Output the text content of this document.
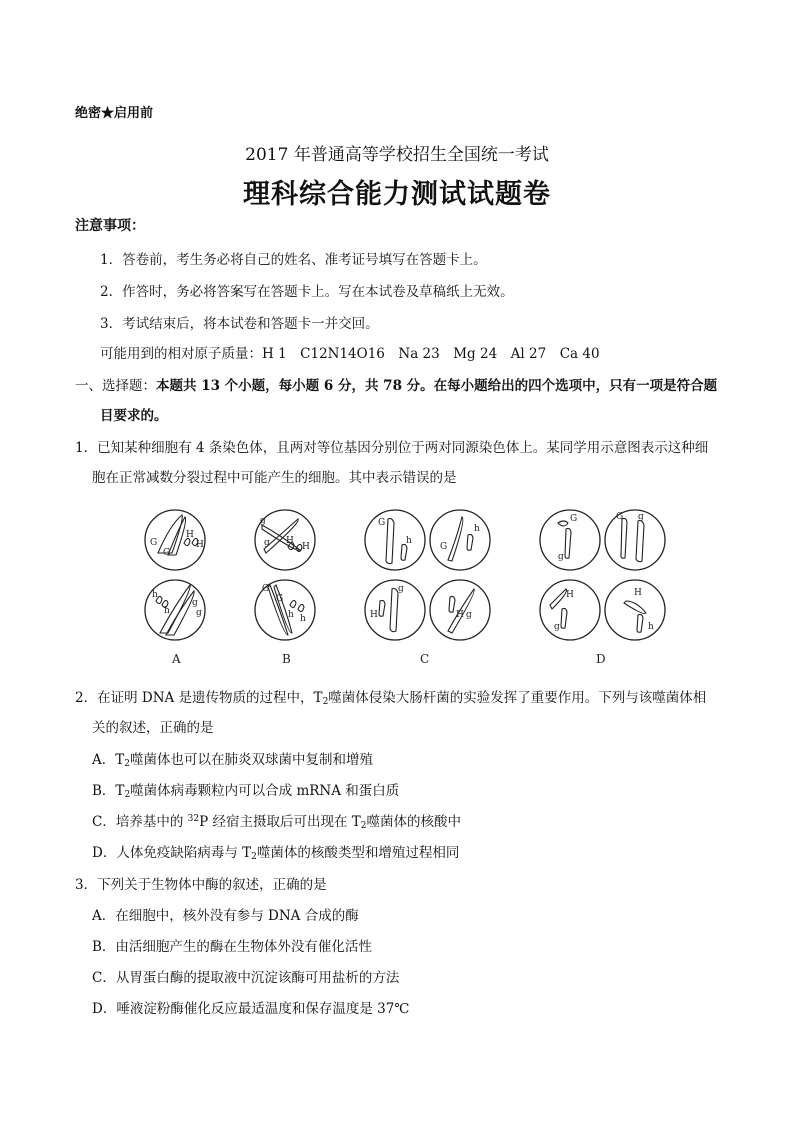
绝密★启用前
2017 年普通高等学校招生全国统一考试
理科综合能力测试试题卷
注意事项：
1．答卷前，考生务必将自己的姓名、准考证号填写在答题卡上。
2．作答时，务必将答案写在答题卡上。写在本试卷及草稿纸上无效。
3．考试结束后，将本试卷和答题卡一并交回。
可能用到的相对原子质量：H 1　C12N14O16　Na 23　Mg 24　Al 27　Ca 40
一、选择题：本题共 13 个小题，每小题 6 分，共 78 分。在每小题给出的四个选项中，只有一项是符合题
目要求的。
1．已知某种细胞有 4 条染色体，且两对等位基因分别位于两对同源染色体上。某同学用示意图表示这种细
胞在正常减数分裂过程中可能产生的细胞。其中表示错误的是
G
G
H
H
h
h
g
g
A
g
g H
H
G
G
h h
B
G
h
G
h
g
H	g
H
C
G
g
G g
H
g
H
h
D
2．在证明 DNA 是遗传物质的过程中，$T_2$噬菌体侵染大肠杆菌的实验发挥了重要作用。下列与该噬菌体相
关的叙述，正确的是
A．$T_2$噬菌体也可以在肺炎双球菌中复制和增殖
B．$T_2$噬菌体病毒颗粒内可以合成 mRNA 和蛋白质
C．培养基中的 $^{32}$P 经宿主摄取后可出现在 $T_2$噬菌体的核酸中
D．人体免疫缺陷病毒与 $T_2$噬菌体的核酸类型和增殖过程相同
3．下列关于生物体中酶的叙述，正确的是
A．在细胞中，核外没有参与 DNA 合成的酶
B．由活细胞产生的酶在生物体外没有催化活性
C．从胃蛋白酶的提取液中沉淀该酶可用盐析的方法
D．唾液淀粉酶催化反应最适温度和保存温度是 37℃
